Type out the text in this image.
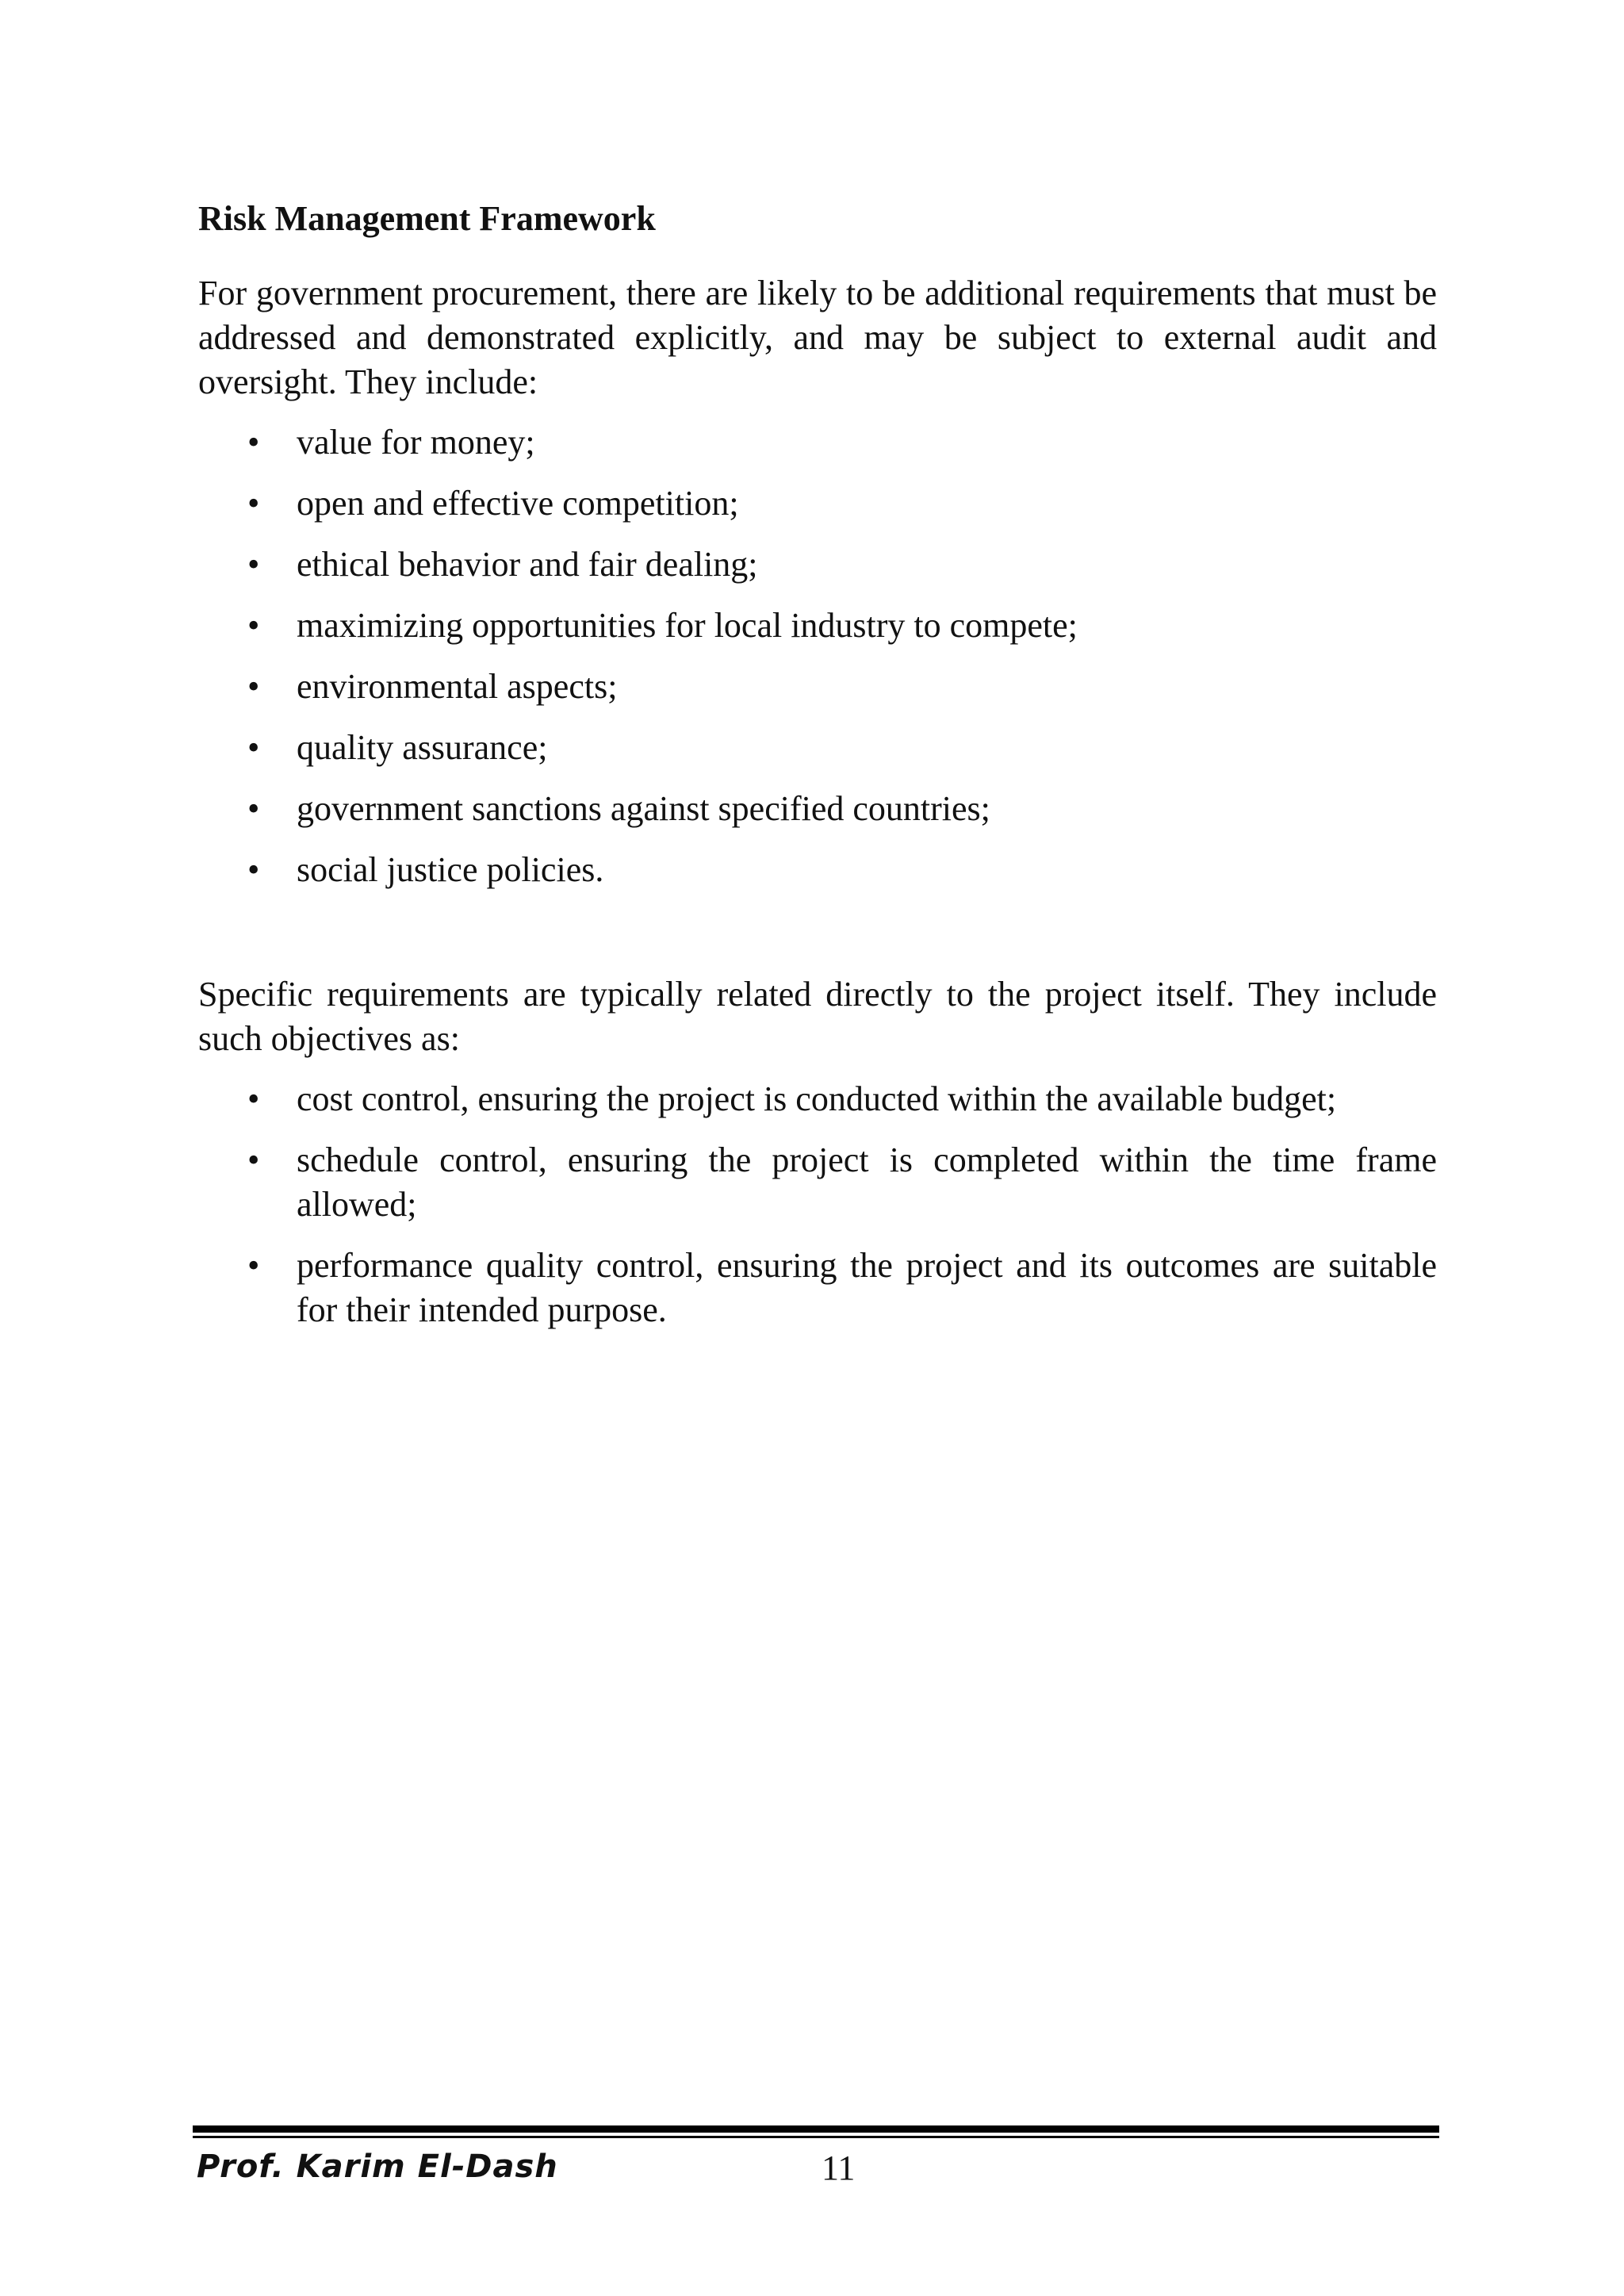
Risk Management Framework

For government procurement, there are likely to be additional requirements that must be addressed and demonstrated explicitly, and may be subject to external audit and oversight. They include:

• value for money;
• open and effective competition;
• ethical behavior and fair dealing;
• maximizing opportunities for local industry to compete;
• environmental aspects;
• quality assurance;
• government sanctions against specified countries;
• social justice policies.

Specific requirements are typically related directly to the project itself. They include such objectives as:

• cost control, ensuring the project is conducted within the available budget;
• schedule control, ensuring the project is completed within the time frame allowed;
• performance quality control, ensuring the project and its outcomes are suitable for their intended purpose.
Prof. Karim El-Dash	11
